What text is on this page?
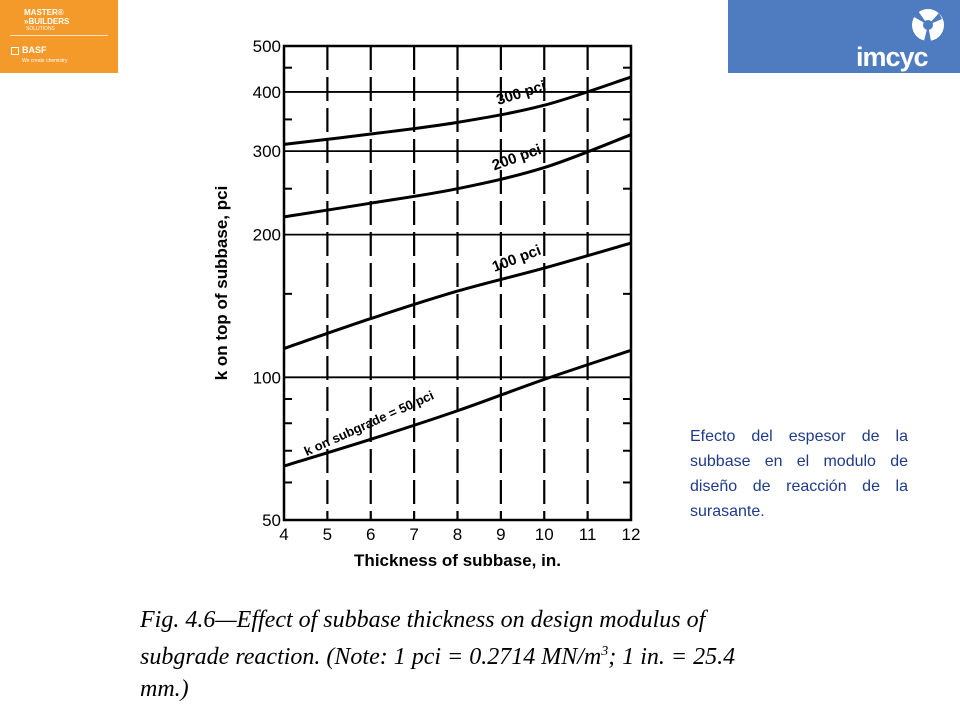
MASTER®
»BUILDERS
SOLUTIONS
BASF
We create chemistry	imcyc
50
100
200
300
400
500
4 5 6 7 8 9 10 11 12
k on subgrade = 50 pci
100 pci
200 pci
300 pci
Thickness of subbase, in.
k on top of subbase, pci
Efecto del espesor de la subbase en el modulo de diseño de reacción de la surasante.
Fig. 4.6—Effect of subbase thickness on design modulus of subgrade reaction. (Note: 1 pci = 0.2714 $MN/m^3$; 1 in. = 25.4 mm.)
